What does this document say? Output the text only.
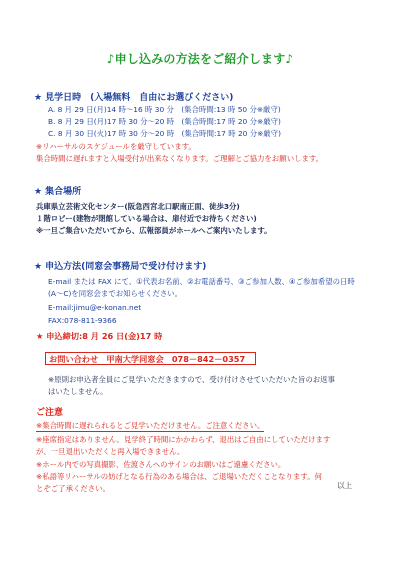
♪申し込みの方法をご紹介します♪
★ 見学日時　(入場無料　自由にお選びください)
A. 8 月 29 日(月)14 時～16 時 30 分　(集合時間:13 時 50 分※厳守)
B. 8 月 29 日(月)17 時 30 分～20 時　(集合時間:17 時 20 分※厳守)
C. 8 月 30 日(火)17 時 30 分～20 時　(集合時間:17 時 20 分※厳守)
※リハーサルのスケジュールを厳守しています。
集合時間に遅れますと入場受付が出来なくなります。ご理解とご協力をお願いします。
★ 集合場所
兵庫県立芸術文化センター(阪急西宮北口駅南正面、徒歩3分)
１階ロビー(建物が閉館している場合は、扉付近でお待ちください)
※一旦ご集合いただいてから、広報部員がホールへご案内いたします。
★ 申込方法(同窓会事務局で受け付けます)
E-mail または FAX にて、①代表お名前、②お電話番号、③ご参加人数、④ご参加希望の日時
(A～C)を同窓会までお知らせください。
E-mail:jimu@e-konan.net
FAX:078-811-9366
★ 申込締切:8 月 26 日(金)17 時
お問い合わせ　甲南大学同窓会　078－842－0357
※原則お申込者全員にご見学いただきますので、受け付けさせていただいた旨のお返事
はいたしません。
ご注意
※集合時間に遅れられるとご見学いただけません。ご注意ください。
※座席指定はありません。見学終了時間にかかわらず、退出はご自由にしていただけます
が、一旦退出いただくと再入場できません。
※ホール内での写真撮影、佐渡さんへのサインのお願いはご遠慮ください。
※私語等リハーサルの妨げとなる行為のある場合は、ご退場いただくことなります。何
とぞご了承ください。	以上
